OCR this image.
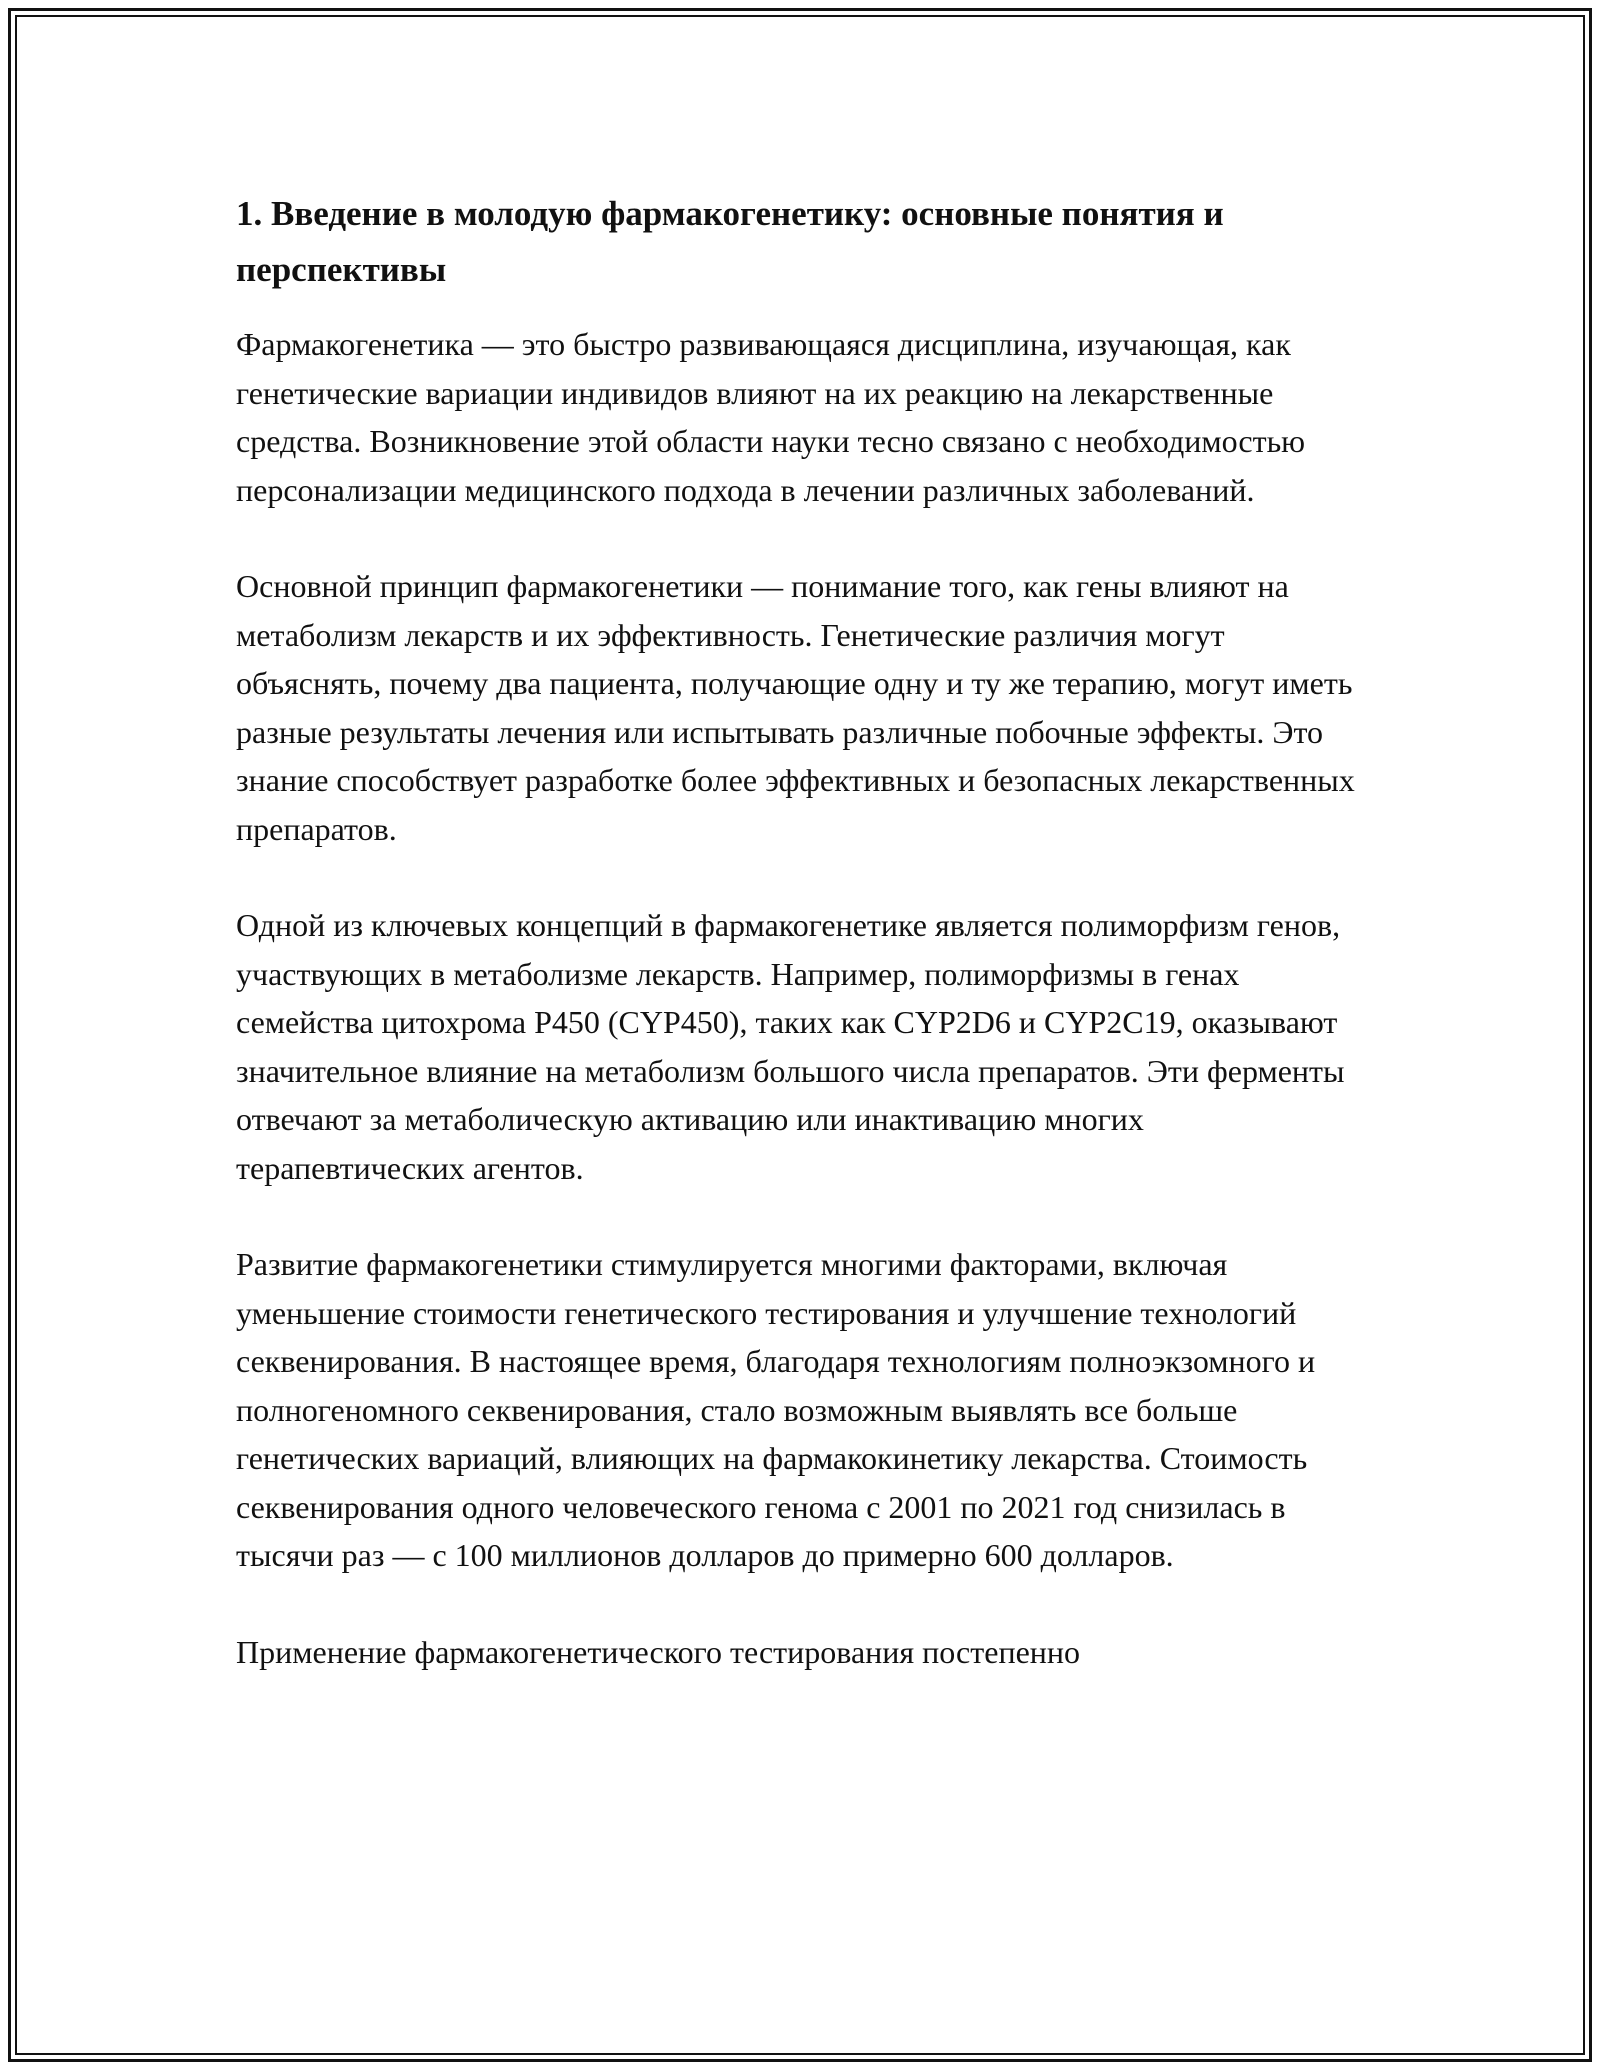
1. Введение в молодую фармакогенетику: основные понятия и перспективы

Фармакогенетика — это быстро развивающаяся дисциплина, изучающая, как генетические вариации индивидов влияют на их реакцию на лекарственные средства. Возникновение этой области науки тесно связано с необходимостью персонализации медицинского подхода в лечении различных заболеваний.

Основной принцип фармакогенетики — понимание того, как гены влияют на метаболизм лекарств и их эффективность. Генетические различия могут объяснять, почему два пациента, получающие одну и ту же терапию, могут иметь разные результаты лечения или испытывать различные побочные эффекты. Это знание способствует разработке более эффективных и безопасных лекарственных препаратов.

Одной из ключевых концепций в фармакогенетике является полиморфизм генов, участвующих в метаболизме лекарств. Например, полиморфизмы в генах семейства цитохрома P450 (CYP450), таких как CYP2D6 и CYP2C19, оказывают значительное влияние на метаболизм большого числа препаратов. Эти ферменты отвечают за метаболическую активацию или инактивацию многих терапевтических агентов.

Развитие фармакогенетики стимулируется многими факторами, включая уменьшение стоимости генетического тестирования и улучшение технологий секвенирования. В настоящее время, благодаря технологиям полноэкзомного и полногеномного секвенирования, стало возможным выявлять все больше генетических вариаций, влияющих на фармакокинетику лекарства. Стоимость секвенирования одного человеческого генома с 2001 по 2021 год снизилась в тысячи раз — с 100 миллионов долларов до примерно 600 долларов.

Применение фармакогенетического тестирования постепенно
